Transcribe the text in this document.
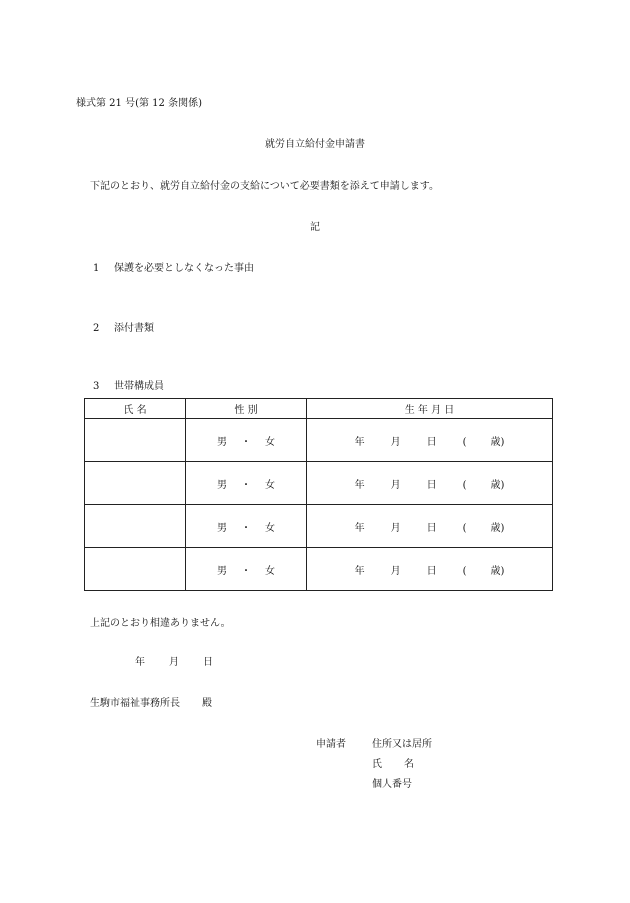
様式第 21 号(第 12 条関係)
就労自立給付金申請書
下記のとおり、就労自立給付金の支給について必要書類を添えて申請します。
記
1 保護を必要としなくなった事由
2 添付書類
3 世帯構成員
氏 名	性 別	生 年 月 日
	男 ・ 女	年 月 日 ( 歳)
	男 ・ 女	年 月 日 ( 歳)
	男 ・ 女	年 月 日 ( 歳)
	男 ・ 女	年 月 日 ( 歳)
上記のとおり相違ありません。
年 月 日
生駒市福祉事務所長 殿
申請者	住所又は居所
氏 名
個人番号
